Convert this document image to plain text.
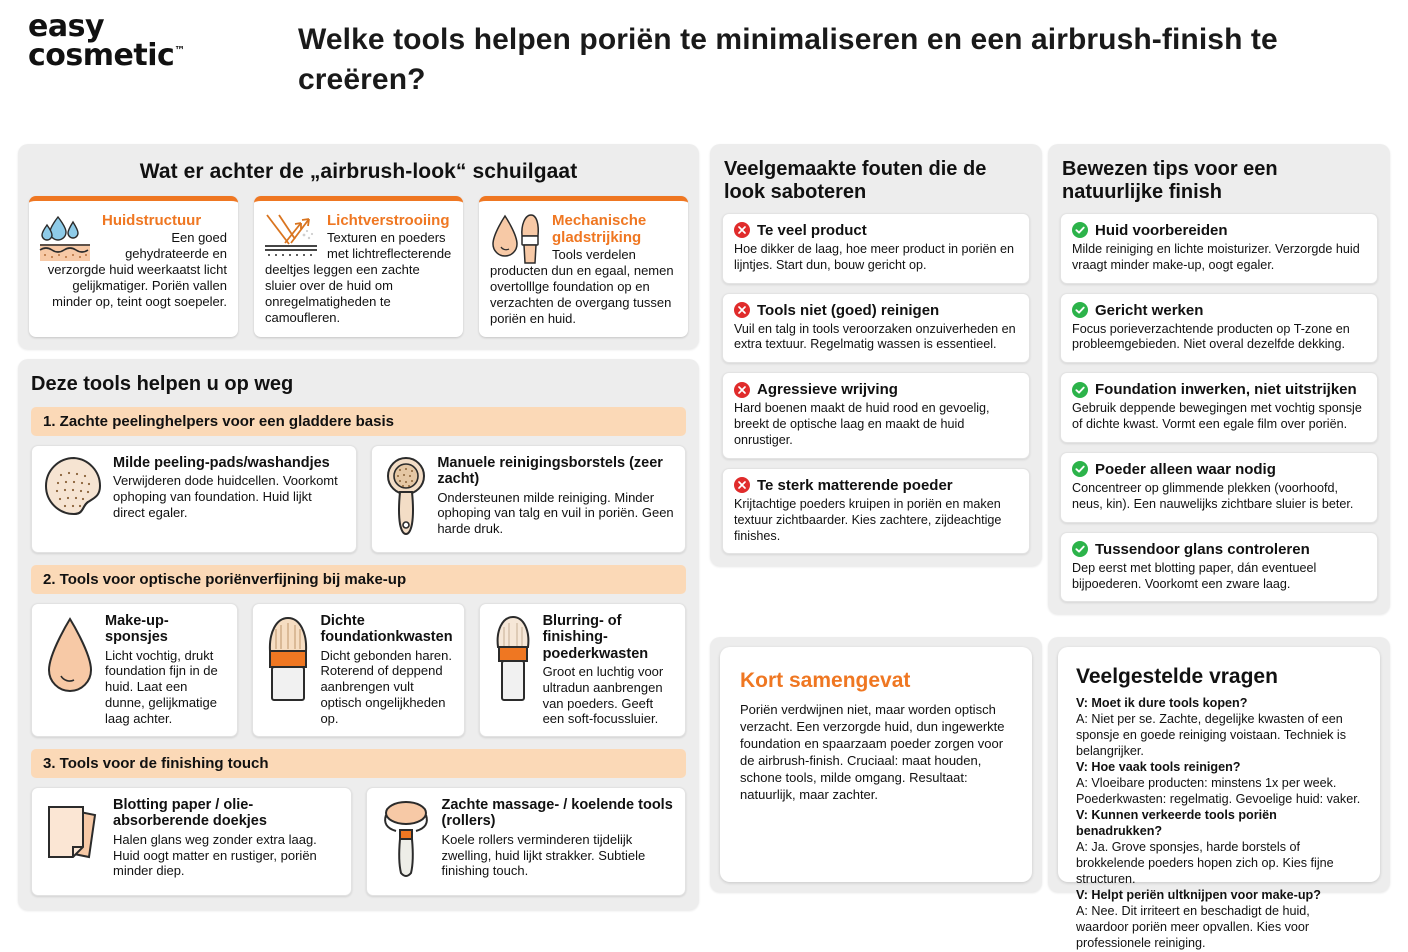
easy
cosmetic™	Welke tools helpen poriën te minimaliseren en een airbrush-finish te creëren?
Wat er achter de „airbrush-look“ schuilgaat
Huidstructuur
Een goed gehydrateerde en verzorgde huid weerkaatst licht gelijkmatiger. Poriën vallen minder op, teint oogt soepeler.
Lichtverstrooiing
Texturen en poeders met lichtreflecterende deeltjes leggen een zachte sluier over de huid om onregelmatigheden te camoufleren.
Mechanische gladstrijking
Tools verdelen producten dun en egaal, nemen overtolllge foundation op en verzachten de overgang tussen poriën en huid.
Deze tools helpen u op weg
1. Zachte peelinghelpers voor een gladdere basis
Milde peeling-pads/washandjes
Verwijderen dode huidcellen. Voorkomt ophoping van foundation. Huid lijkt direct egaler.
Manuele reinigingsborstels (zeer zacht)
Ondersteunen milde reiniging. Minder ophoping van talg en vuil in poriën. Geen harde druk.
2. Tools voor optische poriënverfijning bij make-up
Make-up-sponsjes
Licht vochtig, drukt foundation fijn in de huid. Laat een dunne, gelijkmatige laag achter.
Dichte foundationkwasten
Dicht gebonden haren. Roterend of deppend aanbrengen vult optisch ongelijkheden op.
Blurring- of finishing-poederkwasten
Groot en luchtig voor ultradun aanbrengen van poeders. Geeft een soft-focussluier.
3. Tools voor de finishing touch
Blotting paper / olie-absorberende doekjes
Halen glans weg zonder extra laag. Huid oogt matter en rustiger, poriën minder diep.
Zachte massage- / koelende tools (rollers)
Koele rollers verminderen tijdelijk zwelling, huid lijkt strakker. Subtiele finishing touch.
Veelgemaakte fouten die de look saboteren
Te veel product
Hoe dikker de laag, hoe meer product in poriën en lijntjes. Start dun, bouw gericht op.
Tools niet (goed) reinigen
Vuil en talg in tools veroorzaken onzuiverheden en extra textuur. Regelmatig wassen is essentieel.
Agressieve wrijving
Hard boenen maakt de huid rood en gevoelig, breekt de optische laag en maakt de huid onrustiger.
Te sterk matterende poeder
Krijtachtige poeders kruipen in poriën en maken textuur zichtbaarder. Kies zachtere, zijdeachtige finishes.
Bewezen tips voor een natuurlijke finish
Huid voorbereiden
Milde reiniging en lichte moisturizer. Verzorgde huid vraagt minder make-up, oogt egaler.
Gericht werken
Focus porieverzachtende producten op T-zone en probleemgebieden. Niet overal dezelfde dekking.
Foundation inwerken, niet uitstrijken
Gebruik deppende bewegingen met vochtig sponsje of dichte kwast. Vormt een egale film over poriën.
Poeder alleen waar nodig
Concentreer op glimmende plekken (voorhoofd, neus, kin). Een nauwelijks zichtbare sluier is beter.
Tussendoor glans controleren
Dep eerst met blotting paper, dán eventueel bijpoederen. Voorkomt een zware laag.
Kort samengevat
Poriën verdwijnen niet, maar worden optisch verzacht. Een verzorgde huid, dun ingewerkte foundation en spaarzaam poeder zorgen voor de airbrush-finish. Cruciaal: maat houden, schone tools, milde omgang. Resultaat: natuurlijk, maar zachter.
Veelgestelde vragen
V: Moet ik dure tools kopen?
A: Niet per se. Zachte, degelijke kwasten of een sponsje en goede reiniging voistaan. Techniek is belangrijker.
V: Hoe vaak tools reinigen?
A: Vloeibare producten: minstens 1x per week. Poederkwasten: regelmatig. Gevoelige huid: vaker.
V: Kunnen verkeerde tools poriën benadrukken?
A: Ja. Grove sponsjes, harde borstels of brokkelende poeders hopen zich op. Kies fijne structuren.
V: Helpt periën ultknijpen voor make-up?
A: Nee. Dit irriteert en beschadigt de huid, waardoor poriën meer opvallen. Kies voor professionele reiniging.
